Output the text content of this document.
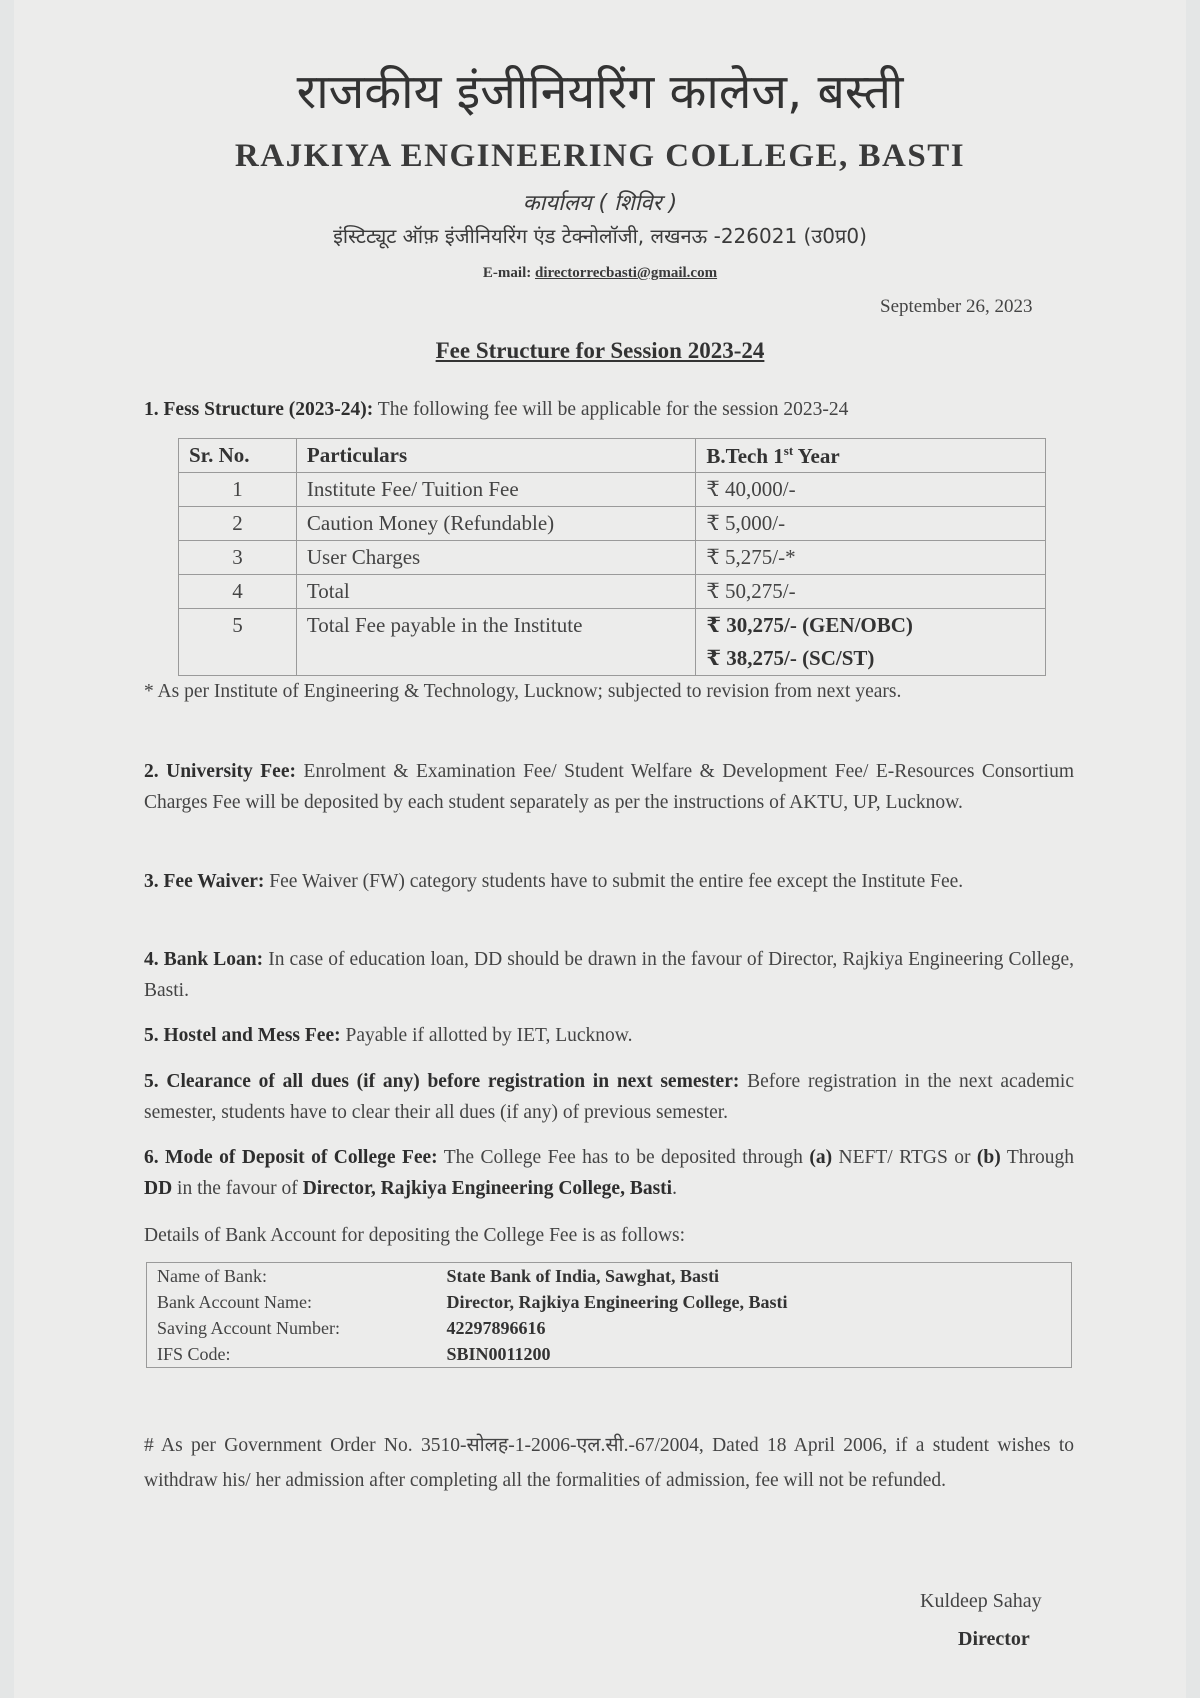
राजकीय इंजीनियरिंग कालेज, बस्ती
RAJKIYA ENGINEERING COLLEGE, BASTI
कार्यालय ( शिविर )
इंस्टिट्यूट ऑफ़ इंजीनियरिंग एंड टेक्नोलॉजी, लखनऊ -226021 (उ0प्र0)
E-mail: directorrecbasti@gmail.com
September 26, 2023
Fee Structure for Session 2023-24
1. Fess Structure (2023-24): The following fee will be applicable for the session 2023-24
Sr. No.	Particulars	B.Tech 1st Year
1	Institute Fee/ Tuition Fee	₹ 40,000/-
2	Caution Money (Refundable)	₹ 5,000/-
3	User Charges	₹ 5,275/-*
4	Total	₹ 50,275/-
5	Total Fee payable in the Institute	₹ 30,275/- (GEN/OBC)
₹ 38,275/- (SC/ST)
* As per Institute of Engineering & Technology, Lucknow; subjected to revision from next years.
2. University Fee: Enrolment & Examination Fee/ Student Welfare & Development Fee/ E-Resources Consortium Charges Fee will be deposited by each student separately as per the instructions of AKTU, UP, Lucknow.
3. Fee Waiver: Fee Waiver (FW) category students have to submit the entire fee except the Institute Fee.
4. Bank Loan: In case of education loan, DD should be drawn in the favour of Director, Rajkiya Engineering College, Basti.
5. Hostel and Mess Fee: Payable if allotted by IET, Lucknow.
5. Clearance of all dues (if any) before registration in next semester: Before registration in the next academic semester, students have to clear their all dues (if any) of previous semester.
6. Mode of Deposit of College Fee: The College Fee has to be deposited through (a) NEFT/ RTGS or (b) Through DD in the favour of Director, Rajkiya Engineering College, Basti.
Details of Bank Account for depositing the College Fee is as follows:
Name of Bank:	State Bank of India, Sawghat, Basti
Bank Account Name:	Director, Rajkiya Engineering College, Basti
Saving Account Number:	42297896616
IFS Code:	SBIN0011200
# As per Government Order No. 3510-सोलह-1-2006-एल.सी.-67/2004, Dated 18 April 2006, if a student wishes to withdraw his/ her admission after completing all the formalities of admission, fee will not be refunded.
Kuldeep Sahay
Director
